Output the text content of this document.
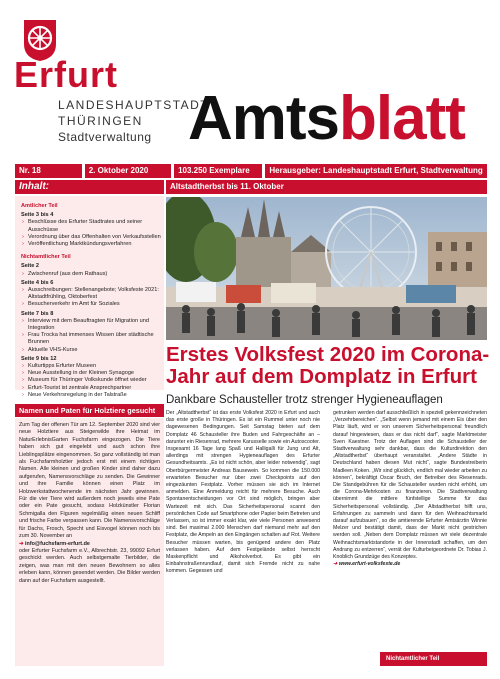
Erfurt
LANDESHAUPTSTADT
THÜRINGEN
Stadtverwaltung Amtsblatt
Nr. 18	2. Oktober 2020	103.250 Exemplare	Herausgeber: Landeshauptstadt Erfurt, Stadtverwaltung
Inhalt:
Amtlicher Teil
Seite 3 bis 4
› Beschlüsse des Erfurter Stadtrates und seiner Ausschüsse
› Verordnung über das Offenhalten von Verkaufsstellen
› Veröffentlichung Marktkündungsverfahren
Nichtamtlicher Teil
Seite 2
› Zwischenruf (aus dem Rathaus)
Seite 4 bis 6
› Ausschreibungen: Stellenangebote; Volksfeste 2021: Altstadtfrühling, Oktoberfest
› Besucherverkehr im Amt für Soziales
Seite 7 bis 8
› Interview mit dem Beauftragten für Migration und Integration
› Frau Trocka hat immenses Wissen über städtische Brunnen
› Aktuelle VHS-Kurse
Seite 9 bis 12
› Kulturtipps Erfurter Museen
› Neue Ausstellung in der Kleinen Synagoge
› Museum für Thüringer Volkskunde öffnet wieder
› Erfurt-Tourist ist zentrale Ansprechpartner
› Neue Verkehrsregelung in der Talstraße
Namen und Paten für Holztiere gesucht
Zum Tag der offenen Tür am 12. September 2020 sind vier neue Holztiere aus Steigerwilde ihre Heimat im NaturErlebnisGarten Fuchsfarm eingezogen. Die Tiere haben sich gut eingelebt und auch schon ihre Lieblingsplätze eingenommen. So ganz vollständig ist man als Fuchsfarmholztier jedoch erst mit einem richtigen Namen. Alle kleinen und großen Kinder sind daher dazu aufgerufen, Namensvorschläge zu senden. Die Gewinner und ihre Familie können einen Platz im Holzwerkstattwochenende im nächsten Jahr gewinnen. Für die vier Tiere wird außerdem noch jeweils eine Pate oder ein Pate gesucht, sodass Holzkünstler Florian Schmigalla den Figuren regelmäßig einen neuen Schliff und frische Farbe verpassen kann. Die Namensvorschläge für Dachs, Frosch, Specht und Eisvogel können noch bis zum 30. November an
➜ info@fuchsfarm-erfurt.de
oder Erfurter Fuchsfarm e.V., Albrechtstr. 23, 99092 Erfurt geschickt werden. Auch selbstgemalte Tierbilder, die zeigen, was man mit den neuen Bewohnern so alles erleben kann, können gesendet werden. Die Bilder werden dann auf der Fuchsfarm ausgestellt.
Altstadtherbst bis 11. Oktober
Erstes Volksfest 2020 im Corona-Jahr auf dem Domplatz in Erfurt
Dankbare Schausteller trotz strenger Hygieneauflagen
Der „Altstadtherbst“ ist das erste Volksfest 2020 in Erfurt und auch das erste große in Thüringen. Es ist ein Rummel unter noch nie dagewesenen Bedingungen. Seit Samstag bieten auf dem Domplatz 46 Schausteller ihre Buden und Fahrgeschäfte an – darunter ein Riesenrad, mehrere Karusselle sowie ein Autoscooter. Insgesamt 16 Tage lang Spaß und Halligalli für Jung und Alt, allerdings mit strengen Hygieneauflagen des Erfurter Gesundheitsamts. „Es ist nicht schön, aber leider notwendig“, sagt Oberbürgermeister Andreas Bausewein. So kommen die 150.000 erwarteten Besucher nur über zwei Checkpoints auf den eingezäunten Festplatz. Vorher müssen sie sich im Internet anmelden. Eine Anmeldung reicht für mehrere Besuche. Auch Spontanentscheidungen vor Ort sind möglich, bringen aber Wartezeit mit sich. Das Sicherheitspersonal scannt den persönlichen Code auf Smartphone oder Papier beim Betreten und Verlassen, so ist immer exakt klar, wie viele Personen anwesend sind. Bei maximal 2.000 Menschen darf niemand mehr auf den Festplatz, die Ampeln an den Eingängen schalten auf Rot. Weitere Besucher müssen warten, bis genügend andere den Platz verlassen haben. Auf dem Festgelände selbst herrscht Maskenpflicht und Alkoholverbot. Es gibt ein Einbahnstraßenrundlauf, damit sich Fremde nicht zu nahe kommen. Gegessen und
getrunken werden darf ausschließlich in speziell gekennzeichneten „Verzehrbereichen“. „Selbst wenn jemand mit einem Eis über den Platz läuft, wird er von unserem Sicherheitspersonal freundlich darauf hingewiesen, dass er das nicht darf“, sagte Marktmeister Sven Kaestner. Trotz der Auflagen sind die Schausteller der Stadtverwaltung sehr dankbar, dass die Kulturdirektion den „Altstadtherbst“ überhaupt veranstaltet. „Andere Städte in Deutschland haben diesen Mut nicht“, sagte Bundestreiberin Madleen Koken. „Wir sind glücklich, endlich mal wieder arbeiten zu können“, bekräftigt Oscar Bruch, der Betreiber des Riesenrads. Die Standgebühren für die Schausteller wurden nicht erhöht, um die Corona-Mehrkosten zu finanzieren. Die Stadtverwaltung übernimmt die mittlere fünfstellige Summe für das Sicherheitspersonal vollständig. „Der Altstadtherbst hilft uns, Erfahrungen zu sammeln und dann für den Weihnachtsmarkt darauf aufzubauen“, so die amtierende Erfurter Amtsärztin Winnie Melzer und bestätigt damit, dass der Markt nicht gestrichen werden soll. „Neben dem Domplatz müssen wir viele dezentrale Weihnachtsmarktstandorte in der Innenstadt schaffen, um den Andrang zu entzerren“, verrät der Kulturbeigeordnete Dr. Tobias J. Knoblich Grundzüge des Konzeptes.
➜ www.erfurt-volksfeste.de
Nichtamtlicher Teil
